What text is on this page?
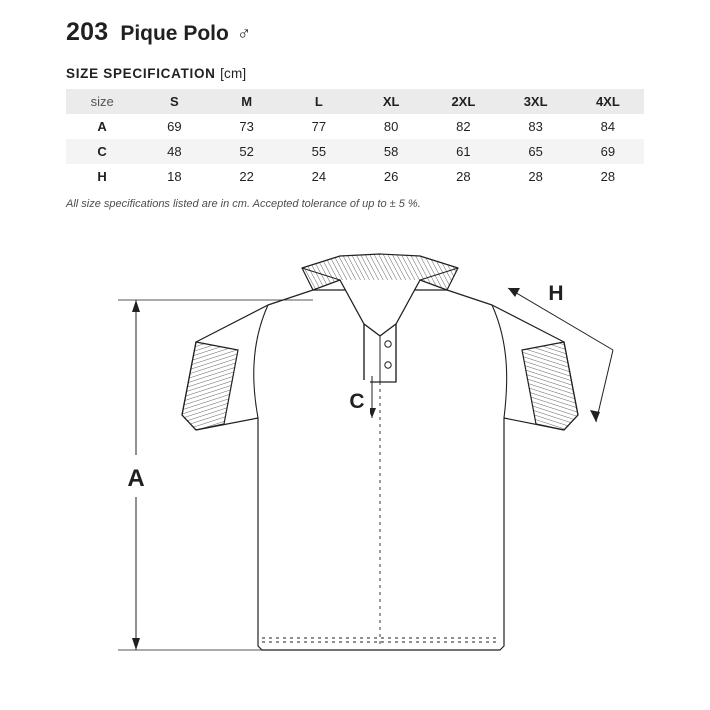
203 Pique Polo ♂
SIZE SPECIFICATION [cm]
size	S	M	L	XL	2XL	3XL	4XL
A	69	73	77	80	82	83	84
C	48	52	55	58	61	65	69
H	18	22	24	26	28	28	28
All size specifications listed are in cm. Accepted tolerance of up to ± 5 %.
A
H
C
